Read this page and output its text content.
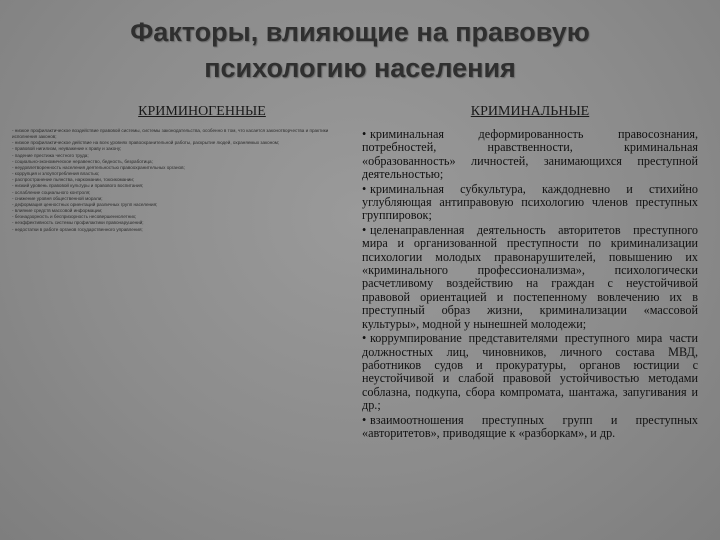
Факторы, влияющие на правовую
психологию населения
КРИМИНОГЕННЫЕ	КРИМИНАЛЬНЫЕ
- низкое профилактическое воздействие правовой системы, системы законодательства, особенно в том, что касается законотворчества и практики исполнения законов;
- низкое профилактическое действие на всех уровнях правоохранительной работы, раскрытие людей, охраняемых законом;
- правовой нигилизм, неуважение к праву и закону;
- падение престижа честного труда;
- социально-экономическое неравенство, бедность, безработица;
- неудовлетворенность населения деятельностью правоохранительных органов;
- коррупция и злоупотребления властью;
- распространение пьянства, наркомании, токсикомании;
- низкий уровень правовой культуры и правового воспитания;
- ослабление социального контроля;
- снижение уровня общественной морали;
- деформация ценностных ориентаций различных групп населения;
- влияние средств массовой информации;
- безнадзорность и беспризорность несовершеннолетних;
- неэффективность системы профилактики правонарушений;
- недостатки в работе органов государственного управления;
• криминальная деформированность правосознания, потребностей, нравственности, криминальная «образованность» личностей, занимающихся преступной деятельностью;
• криминальная субкультура, каждодневно и стихийно углубляющая антиправовую психологию членов преступных группировок;
• целенаправленная деятельность авторитетов преступного мира и организованной преступности по криминализации психологии молодых правонарушителей, повышению их «криминального профессионализма», психологически расчетливому воздействию на граждан с неустойчивой правовой ориентацией и постепенному вовлечению их в преступный образ жизни, криминализации «массовой культуры», модной у нынешней молодежи;
• коррумпирование представителями преступного мира части должностных лиц, чиновников, личного состава МВД, работников судов и прокуратуры, органов юстиции с неустойчивой и слабой правовой устойчивостью методами соблазна, подкупа, сбора компромата, шантажа, запугивания и др.;
• взаимоотношения преступных групп и преступных «авторитетов», приводящие к «разборкам», и др.
